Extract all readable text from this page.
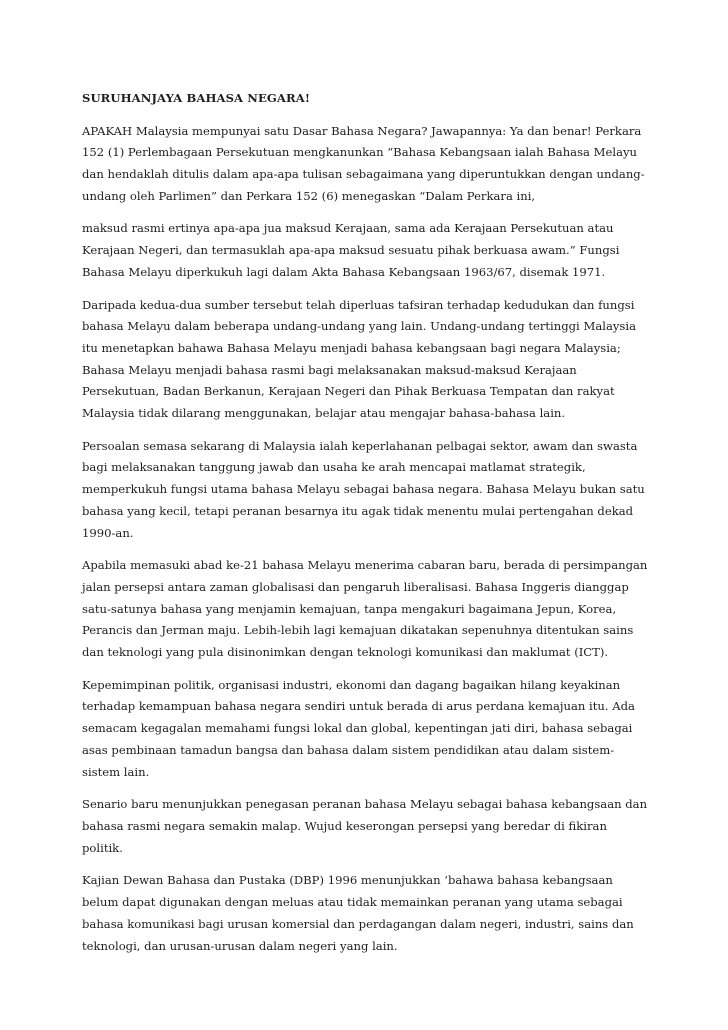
SURUHANJAYA BAHASA NEGARA!

APAKAH Malaysia mempunyai satu Dasar Bahasa Negara? Jawapannya: Ya dan benar! Perkara 152 (1) Perlembagaan Persekutuan mengkanunkan “Bahasa Kebangsaan ialah Bahasa Melayu dan hendaklah ditulis dalam apa-apa tulisan sebagaimana yang diperuntukkan dengan undang-undang oleh Parlimen” dan Perkara 152 (6) menegaskan “Dalam Perkara ini,

maksud rasmi ertinya apa-apa jua maksud Kerajaan, sama ada Kerajaan Persekutuan atau Kerajaan Negeri, dan termasuklah apa-apa maksud sesuatu pihak berkuasa awam.” Fungsi Bahasa Melayu diperkukuh lagi dalam Akta Bahasa Kebangsaan 1963/67, disemak 1971.

Daripada kedua-dua sumber tersebut telah diperluas tafsiran terhadap kedudukan dan fungsi bahasa Melayu dalam beberapa undang-undang yang lain. Undang-undang tertinggi Malaysia itu menetapkan bahawa Bahasa Melayu menjadi bahasa kebangsaan bagi negara Malaysia; Bahasa Melayu menjadi bahasa rasmi bagi melaksanakan maksud-maksud Kerajaan Persekutuan, Badan Berkanun, Kerajaan Negeri dan Pihak Berkuasa Tempatan dan rakyat Malaysia tidak dilarang menggunakan, belajar atau mengajar bahasa-bahasa lain.

Persoalan semasa sekarang di Malaysia ialah keperlahanan pelbagai sektor, awam dan swasta bagi melaksanakan tanggung jawab dan usaha ke arah mencapai matlamat strategik, memperkukuh fungsi utama bahasa Melayu sebagai bahasa negara. Bahasa Melayu bukan satu bahasa yang kecil, tetapi peranan besarnya itu agak tidak menentu mulai pertengahan dekad 1990-an.

Apabila memasuki abad ke-21 bahasa Melayu menerima cabaran baru, berada di persimpangan jalan persepsi antara zaman globalisasi dan pengaruh liberalisasi. Bahasa Inggeris dianggap satu-satunya bahasa yang menjamin kemajuan, tanpa mengakuri bagaimana Jepun, Korea, Perancis dan Jerman maju. Lebih-lebih lagi kemajuan dikatakan sepenuhnya ditentukan sains dan teknologi yang pula disinonimkan dengan teknologi komunikasi dan maklumat (ICT).

Kepemimpinan politik, organisasi industri, ekonomi dan dagang bagaikan hilang keyakinan terhadap kemampuan bahasa negara sendiri untuk berada di arus perdana kemajuan itu. Ada semacam kegagalan memahami fungsi lokal dan global, kepentingan jati diri, bahasa sebagai asas pembinaan tamadun bangsa dan bahasa dalam sistem pendidikan atau dalam sistem-sistem lain.

Senario baru menunjukkan penegasan peranan bahasa Melayu sebagai bahasa kebangsaan dan bahasa rasmi negara semakin malap. Wujud keserongan persepsi yang beredar di fikiran politik.

Kajian Dewan Bahasa dan Pustaka (DBP) 1996 menunjukkan ‘bahawa bahasa kebangsaan belum dapat digunakan dengan meluas atau tidak memainkan peranan yang utama sebagai bahasa komunikasi bagi urusan komersial dan perdagangan dalam negeri, industri, sains dan teknologi, dan urusan-urusan dalam negeri yang lain.
